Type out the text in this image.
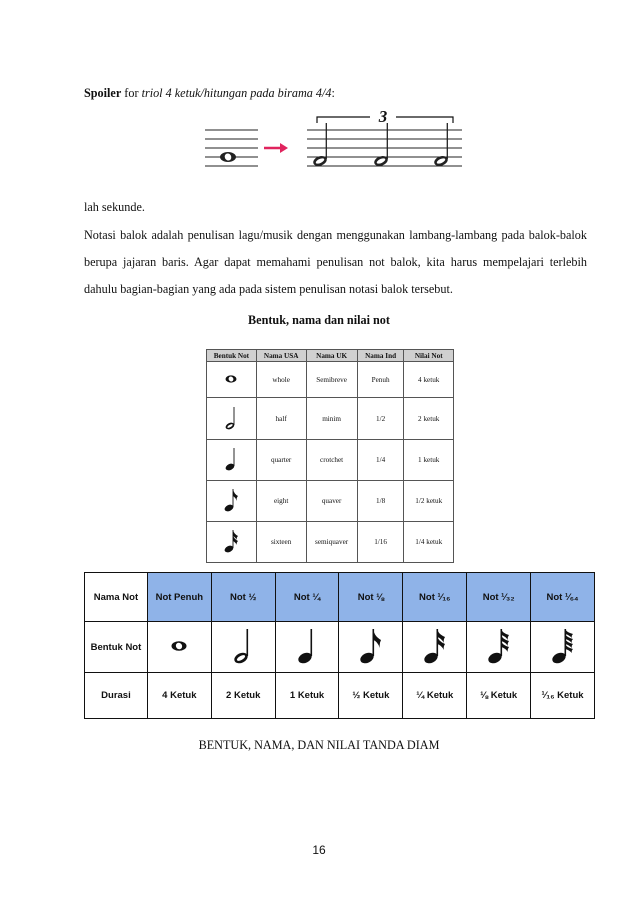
Spoiler for triol 4 ketuk/hitungan pada birama 4/4:
3
lah sekunde.
Notasi balok adalah penulisan lagu/musik dengan menggunakan lambang-lambang pada balok-balok berupa jajaran baris. Agar dapat memahami penulisan not balok, kita harus mempelajari terlebih dahulu bagian-bagian yang ada pada sistem penulisan notasi balok tersebut.
Bentuk, nama dan nilai not
Bentuk Not	Nama USA	Nama UK	Nama Ind	Nilai Not
	whole	Semibreve	Penuh	4 ketuk
	half	minim	1/2	2 ketuk
	quarter	crotchet	1/4	1 ketuk
	eight	quaver	1/8	1/2 ketuk
	sixteen	semiquaver	1/16	1/4 ketuk
Nama Not	Not Penuh	Not ½	Not ¼	Not ⅛	Not ¹⁄₁₆	Not ¹⁄₃₂	Not ¹⁄₆₄
Bentuk Not							
Durasi	4 Ketuk	2 Ketuk	1 Ketuk	½ Ketuk	¼ Ketuk	⅛ Ketuk	¹⁄₁₆ Ketuk
BENTUK, NAMA, DAN NILAI TANDA DIAM
16
